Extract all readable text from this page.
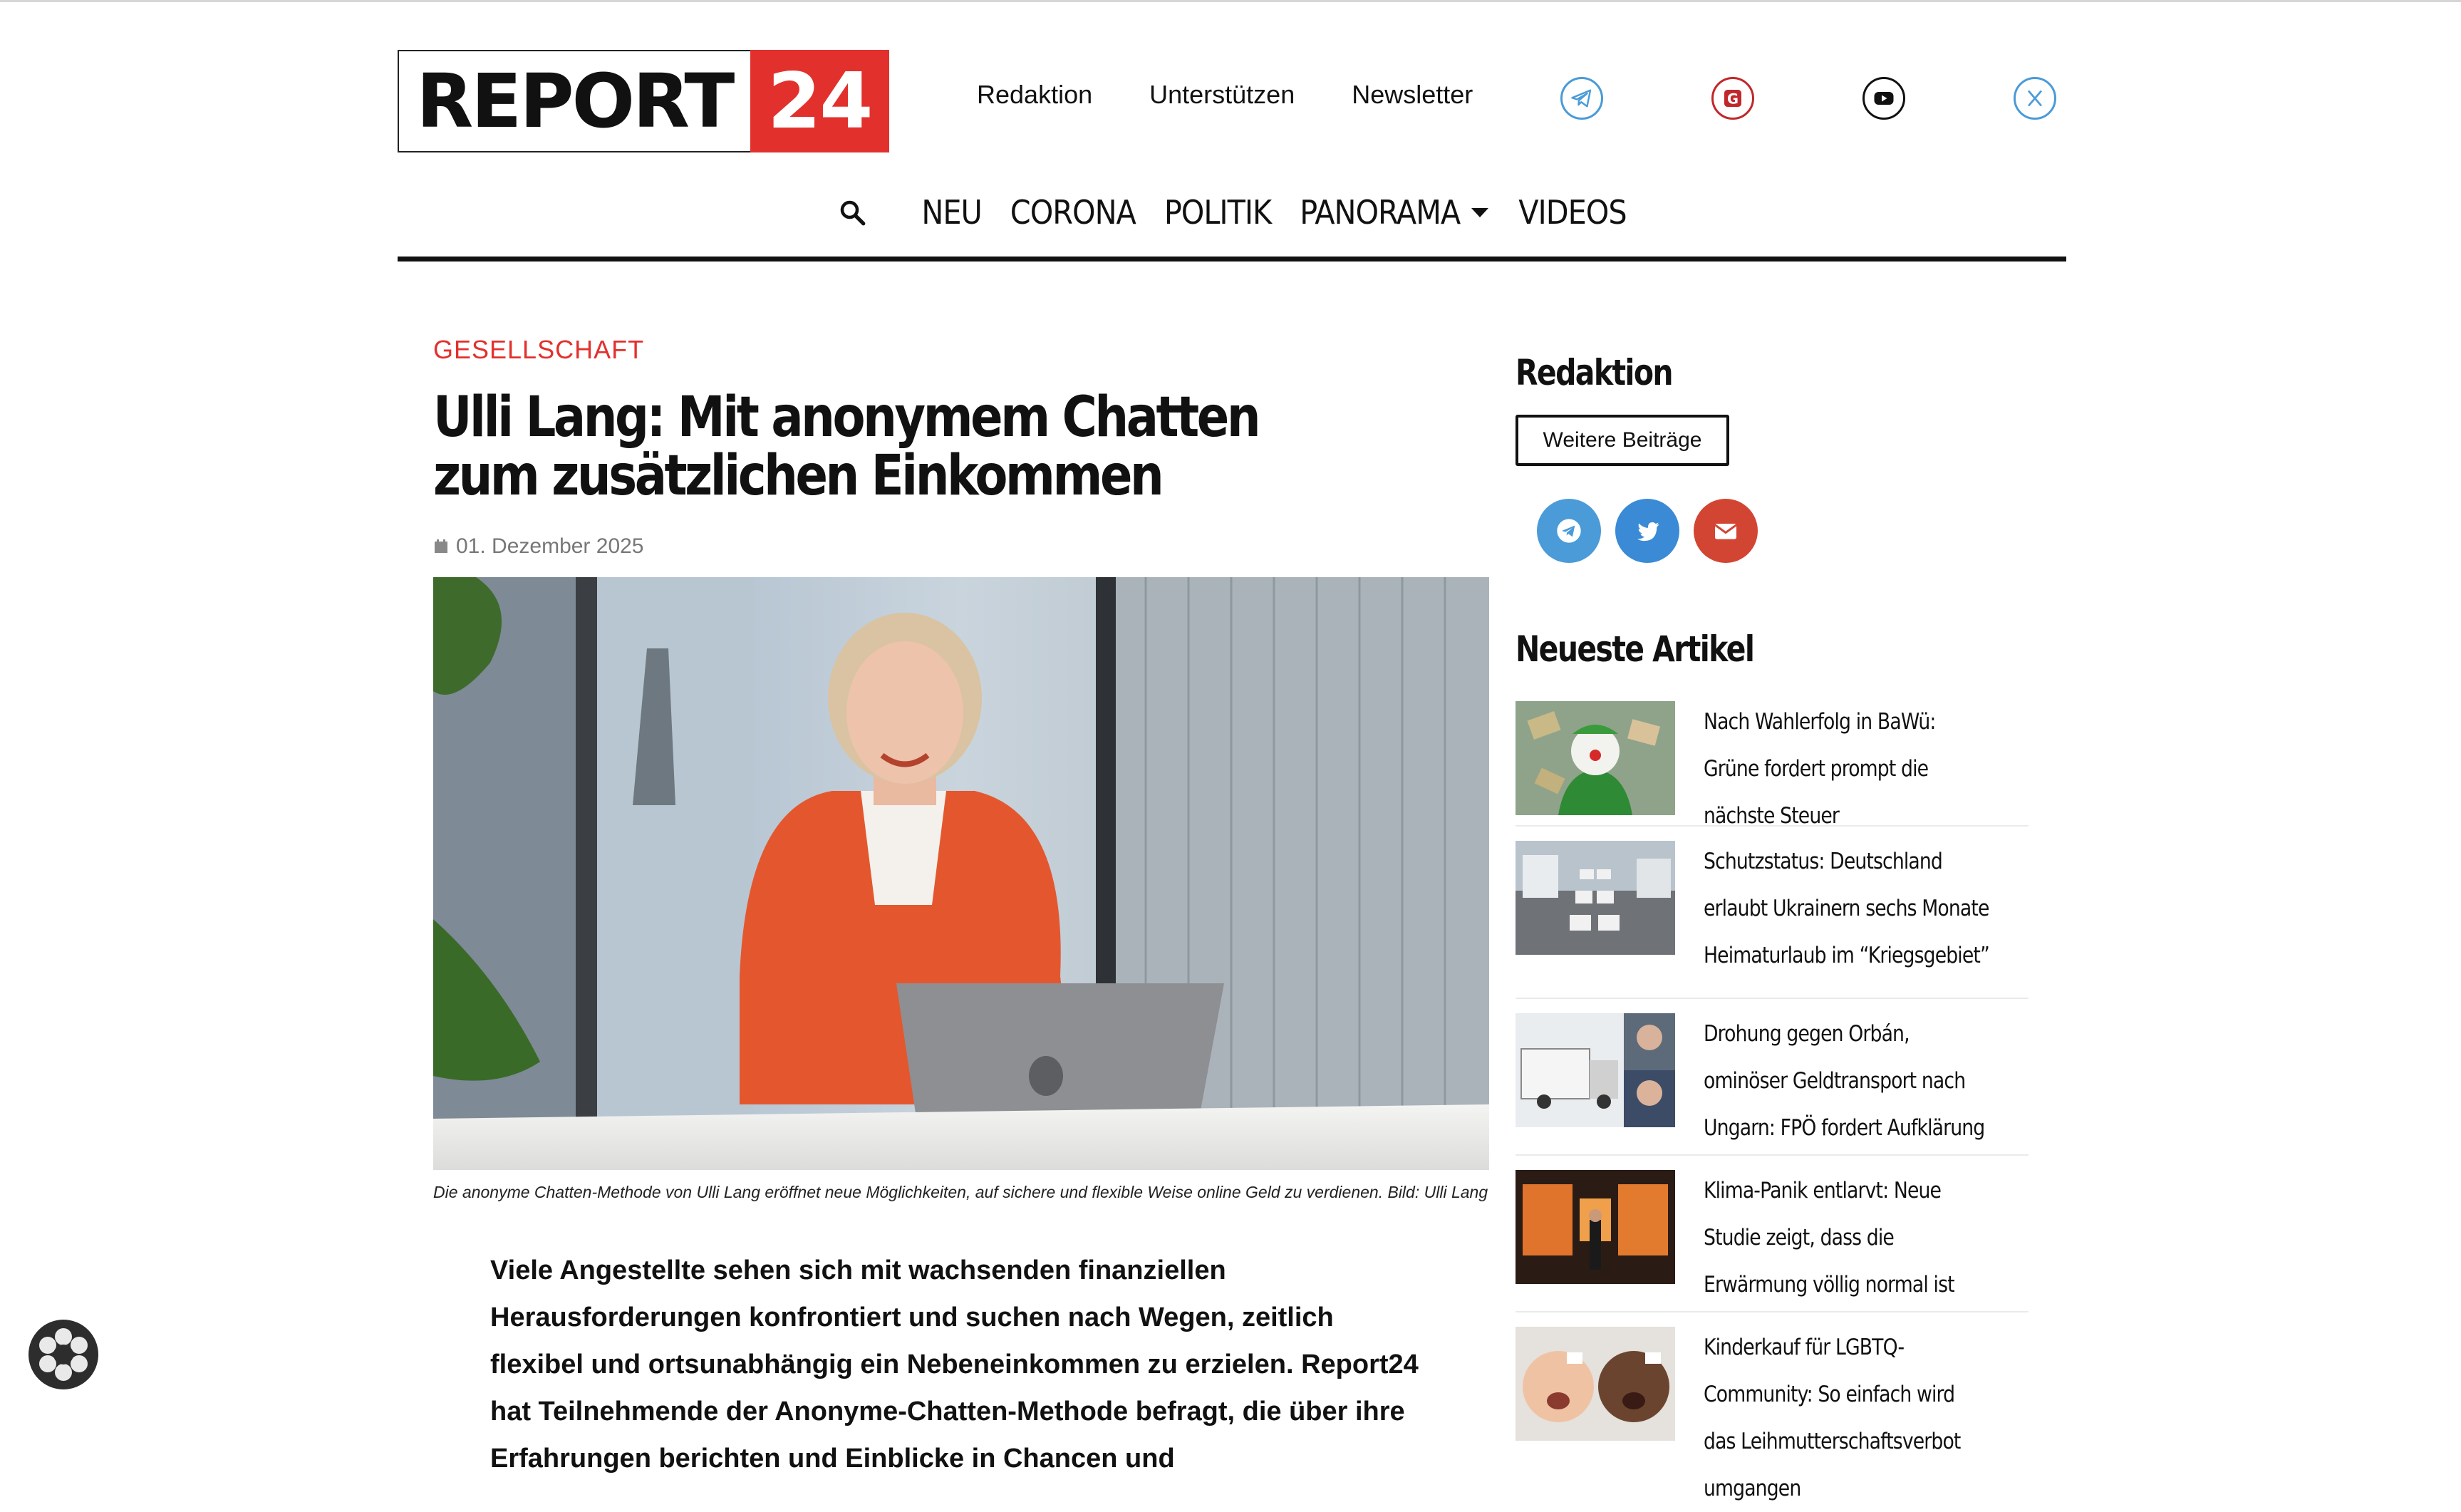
REPORT 24	Redaktion Unterstützen Newsletter	G
NEU CORONA POLITIK PANORAMA VIDEOS
GESELLSCHAFT
Ulli Lang: Mit anonymem Chatten zum zusätzlichen Einkommen
01. Dezember 2025
Die anonyme Chatten-Methode von Ulli Lang eröffnet neue Möglichkeiten, auf sichere und flexible Weise online Geld zu verdienen. Bild: Ulli Lang

Viele Angestellte sehen sich mit wachsenden finanziellen Herausforderungen konfrontiert und suchen nach Wegen, zeitlich flexibel und ortsunabhängig ein Nebeneinkommen zu erzielen. Report24 hat Teilnehmende der Anonyme-Chatten-Methode befragt, die über ihre Erfahrungen berichten und Einblicke in Chancen und

Redaktion
Weitere Beiträge
Neueste Artikel
Nach Wahlerfolg in BaWü: Grüne fordert prompt die nächste Steuer
Schutzstatus: Deutschland erlaubt Ukrainern sechs Monate Heimaturlaub im “Kriegsgebiet”
Drohung gegen Orbán, ominöser Geldtransport nach Ungarn: FPÖ fordert Aufklärung
Klima-Panik entlarvt: Neue Studie zeigt, dass die Erwärmung völlig normal ist
Kinderkauf für LGBTQ-Community: So einfach wird das Leihmutterschaftsverbot umgangen
